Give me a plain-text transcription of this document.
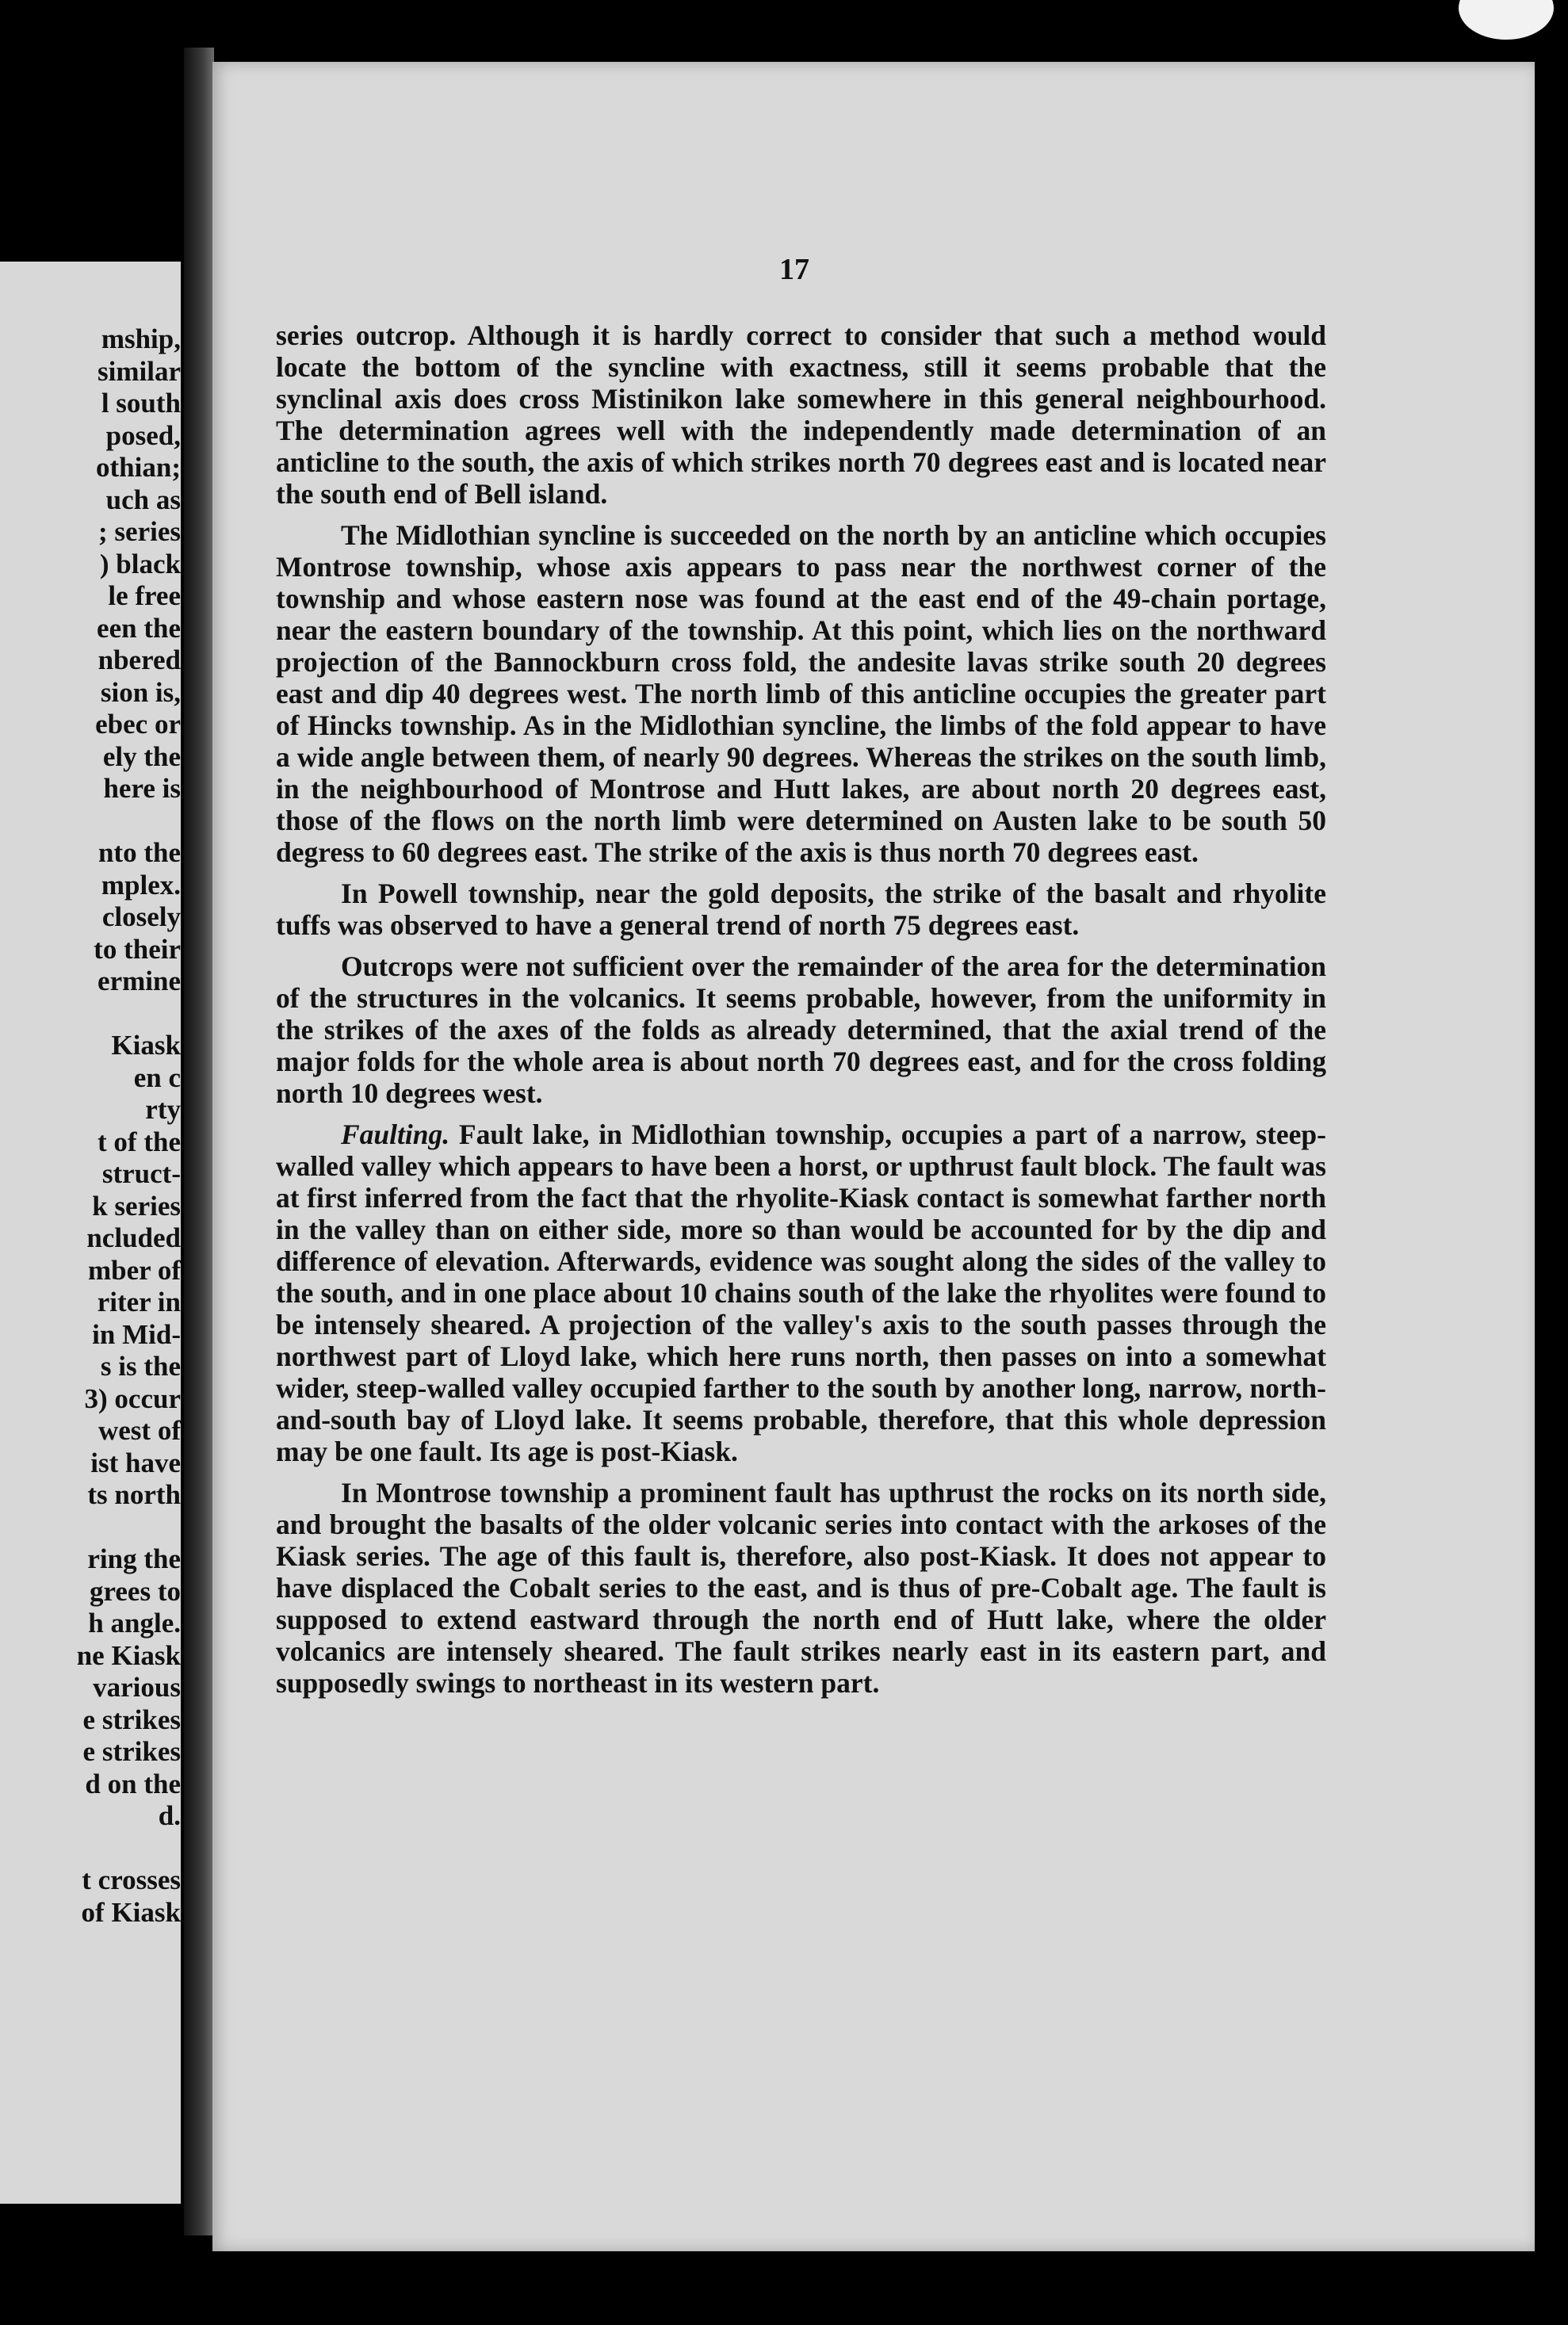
mship,
similar
l south
posed,
othian;
uch as
; series
) black
le free
een the
nbered
sion is,
ebec or
ely the
here is
nto the
mplex.
closely
to their
ermine
Kiask
en c
rty
t of the
struct-
k series
ncluded
mber of
riter in
in Mid-
s is the
3) occur
west of
ist have
ts north
ring the
grees to
h angle.
ne Kiask
various
e strikes
e strikes
d on the
d.
t crosses
of Kiask
17

series outcrop. Although it is hardly correct to consider that such a method would locate the bottom of the syncline with exactness, still it seems probable that the synclinal axis does cross Mistinikon lake somewhere in this general neighbourhood. The determination agrees well with the independently made determination of an anticline to the south, the axis of which strikes north 70 degrees east and is located near the south end of Bell island.

The Midlothian syncline is succeeded on the north by an anticline which occupies Montrose township, whose axis appears to pass near the northwest corner of the township and whose eastern nose was found at the east end of the 49-chain portage, near the eastern boundary of the township. At this point, which lies on the northward projection of the Bannockburn cross fold, the andesite lavas strike south 20 degrees east and dip 40 degrees west. The north limb of this anticline occupies the greater part of Hincks township. As in the Midlothian syncline, the limbs of the fold appear to have a wide angle between them, of nearly 90 degrees. Whereas the strikes on the south limb, in the neighbourhood of Montrose and Hutt lakes, are about north 20 degrees east, those of the flows on the north limb were determined on Austen lake to be south 50 degress to 60 degrees east. The strike of the axis is thus north 70 degrees east.

In Powell township, near the gold deposits, the strike of the basalt and rhyolite tuffs was observed to have a general trend of north 75 degrees east.

Outcrops were not sufficient over the remainder of the area for the determination of the structures in the volcanics. It seems probable, however, from the uniformity in the strikes of the axes of the folds as already determined, that the axial trend of the major folds for the whole area is about north 70 degrees east, and for the cross folding north 10 degrees west.

Faulting. Fault lake, in Midlothian township, occupies a part of a narrow, steep-walled valley which appears to have been a horst, or upthrust fault block. The fault was at first inferred from the fact that the rhyolite-Kiask contact is somewhat farther north in the valley than on either side, more so than would be accounted for by the dip and difference of elevation. Afterwards, evidence was sought along the sides of the valley to the south, and in one place about 10 chains south of the lake the rhyolites were found to be intensely sheared. A projection of the valley's axis to the south passes through the northwest part of Lloyd lake, which here runs north, then passes on into a somewhat wider, steep-walled valley occupied farther to the south by another long, narrow, north-and-south bay of Lloyd lake. It seems probable, therefore, that this whole depression may be one fault. Its age is post-Kiask.

In Montrose township a prominent fault has upthrust the rocks on its north side, and brought the basalts of the older volcanic series into contact with the arkoses of the Kiask series. The age of this fault is, therefore, also post-Kiask. It does not appear to have displaced the Cobalt series to the east, and is thus of pre-Cobalt age. The fault is supposed to extend eastward through the north end of Hutt lake, where the older volcanics are intensely sheared. The fault strikes nearly east in its eastern part, and supposedly swings to northeast in its western part.
